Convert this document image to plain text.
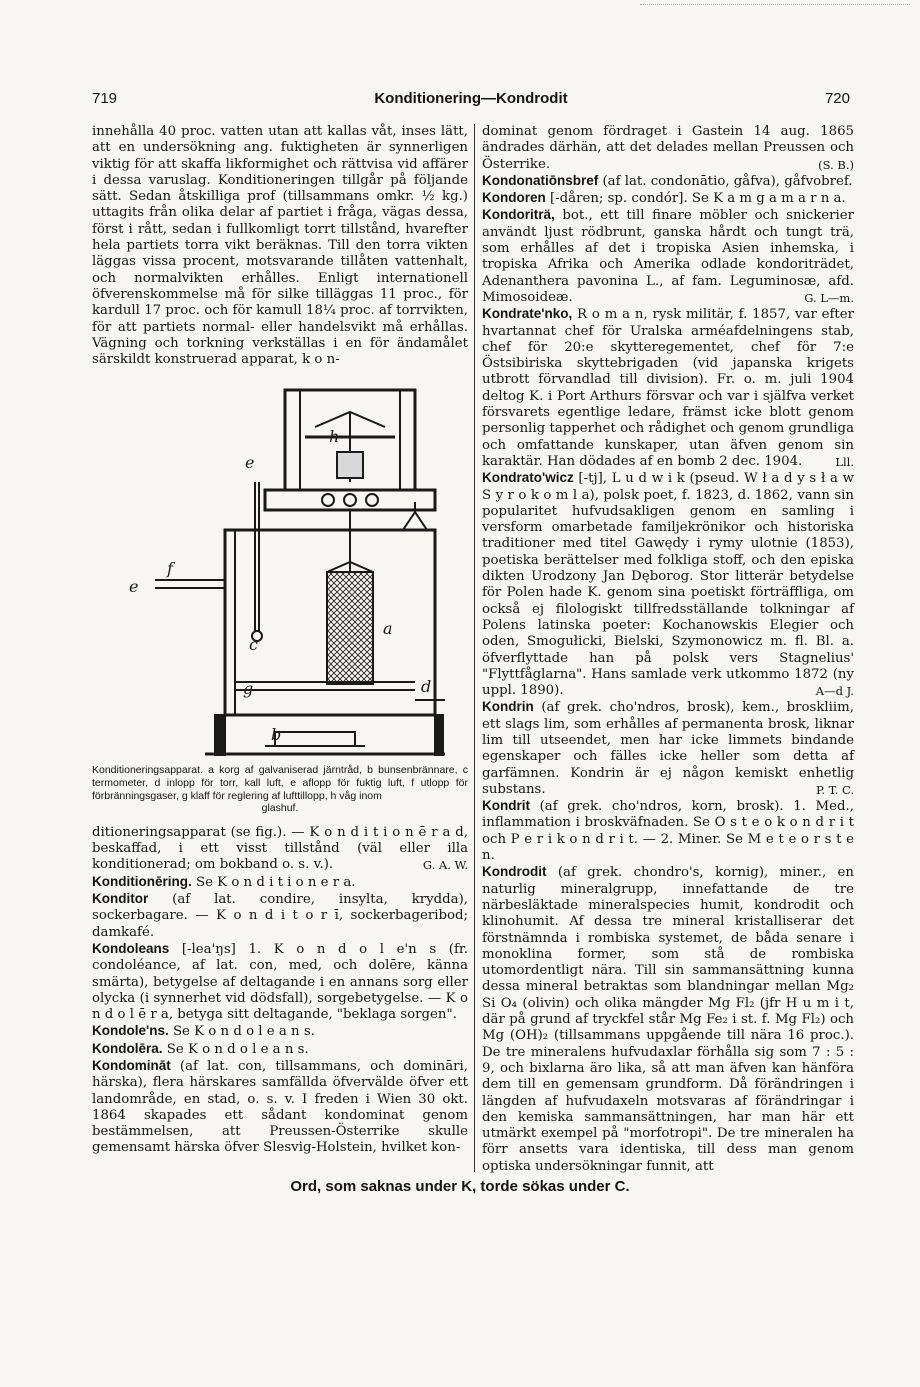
719	Konditionering—Kondrodit	720

innehålla 40 proc. vatten utan att kallas våt, inses lätt, att en undersökning ang. fuktigheten är synnerligen viktig för att skaffa likformighet och rättvisa vid affärer i dessa varuslag. Konditioneringen tillgår på följande sätt. Sedan åtskilliga prof (tillsammans omkr. ½ kg.) uttagits från olika delar af partiet i fråga, vägas dessa, först i rått, sedan i fullkomligt torrt tillstånd, hvarefter hela partiets torra vikt beräknas. Till den torra vikten läggas vissa procent, motsvarande tillåten vattenhalt, och normalvikten erhålles. Enligt internationell öfverenskommelse må för silke tilläggas 11 proc., för kardull 17 proc. och för kamull 18¼ proc. af torrvikten, för att partiets normal- eller handelsvikt må erhållas. Vägning och torkning verkställas i en för ändamålet särskildt konstruerad apparat, k o n-

h
e
f
e
a
c
g	d
b
Konditioneringsapparat. a korg af galvaniserad järntråd, b bunsenbrännare, c termometer, d inlopp för torr, kall luft, e aflopp för fuktig luft, f utlopp för förbränningsgaser, g klaff för reglering af lufttillopp, h våg inom
glashuf.

ditioneringsapparat (se fig.). — K o n d i t i o n ē r a d, beskaffad, i ett visst tillstånd (väl eller illa konditionerad; om bokband o. s. v.).	G. A. W.

Konditionēring. Se K o n d i t i o n e r a.

Konditor (af lat. condire, insylta, krydda), sockerbagare. — K o n d i t o r ī, sockerbageribod; damkafé.

Kondoleans [-lea'ŋs] 1. K o n d o l e'n s (fr. condoléance, af lat. con, med, och dolēre, känna smärta), betygelse af deltagande i en annans sorg eller olycka (i synnerhet vid dödsfall), sorgebetygelse. — K o n d o l ē r a, betyga sitt deltagande, "beklaga sorgen".

Kondole'ns. Se K o n d o l e a n s.

Kondolēra. Se K o n d o l e a n s.

Kondomināt (af lat. con, tillsammans, och domināri, härska), flera härskares samfällda öfvervälde öfver ett landområde, en stad, o. s. v. I freden i Wien 30 okt. 1864 skapades ett sådant kondominat genom bestämmelsen, att Preussen-Österrike skulle gemensamt härska öfver Slesvig-Holstein, hvilket kon-

dominat genom fördraget i Gastein 14 aug. 1865 ändrades därhän, att det delades mellan Preussen och Österrike.	(S. B.)

Kondonatiōnsbref (af lat. condonātio, gåfva), gåfvobref.

Kondoren [-dåren; sp. condór]. Se K a m g a m a r n a.

Kondoriträ, bot., ett till finare möbler och snickerier användt ljust rödbrunt, ganska hårdt och tungt trä, som erhålles af det i tropiska Asien inhemska, i tropiska Afrika och Amerika odlade kondoriträdet, Adenanthera pavonina L., af fam. Leguminosæ, afd. Mimosoideæ.	G. L—m.

Kondrate'nko, R o m a n, rysk militär, f. 1857, var efter hvartannat chef för Uralska arméafdelningens stab, chef för 20:e skytteregementet, chef för 7:e Östsibiriska skyttebrigaden (vid japanska krigets utbrott förvandlad till division). Fr. o. m. juli 1904 deltog K. i Port Arthurs försvar och var i själfva verket försvarets egentlige ledare, främst icke blott genom personlig tapperhet och rådighet och genom grundliga och omfattande kunskaper, utan äfven genom sin karaktär. Han dödades af en bomb 2 dec. 1904.	Lll.

Kondrato'wicz [-tj], L u d w i k (pseud. W ł a d y s ł a w S y r o k o m l a), polsk poet, f. 1823, d. 1862, vann sin popularitet hufvudsakligen genom en samling i versform omarbetade familjekrönikor och historiska traditioner med titel Gawędy i rymy ulotnie (1853), poetiska berättelser med folkliga stoff, och den episka dikten Urodzony Jan Dęborog. Stor litterär betydelse för Polen hade K. genom sina poetiskt förträffliga, om också ej filologiskt tillfredsställande tolkningar af Polens latinska poeter: Kochanowskis Elegier och oden, Smogułicki, Bielski, Szymonowicz m. fl. Bl. a. öfverflyttade han på polsk vers Stagnelius' "Flyttfåglarna". Hans samlade verk utkommo 1872 (ny uppl. 1890).	A—d J.

Kondrin (af grek. cho'ndros, brosk), kem., broskliim, ett slags lim, som erhålles af permanenta brosk, liknar lim till utseendet, men har icke limmets bindande egenskaper och fälles icke heller som detta af garfämnen. Kondrin är ej någon kemiskt enhetlig substans.	P. T. C.

Kondrit (af grek. cho'ndros, korn, brosk). 1. Med., inflammation i broskväfnaden. Se O s t e o k o n d r i t och P e r i k o n d r i t. — 2. Miner. Se M e t e o r s t e n.

Kondrodit (af grek. chondro's, kornig), miner., en naturlig mineralgrupp, innefattande de tre närbesläktade mineralspecies humit, kondrodit och klinohumit. Af dessa tre mineral kristalliserar det förstnämnda i rombiska systemet, de båda senare i monoklina former, som stå de rombiska utomordentligt nära. Till sin sammansättning kunna dessa mineral betraktas som blandningar mellan Mg₂ Si O₄ (olivin) och olika mängder Mg Fl₂ (jfr H u m i t, där på grund af tryckfel står Mg Fe₂ i st. f. Mg Fl₂) och Mg (OH)₂ (tillsammans uppgående till nära 16 proc.). De tre mineralens hufvudaxlar förhålla sig som 7 : 5 : 9, och bixlarna äro lika, så att man äfven kan hänföra dem till en gemensam grundform. Då förändringen i längden af hufvudaxeln motsvaras af förändringar i den kemiska sammansättningen, har man här ett utmärkt exempel på "morfotropi". De tre mineralen ha förr ansetts vara identiska, till dess man genom optiska undersökningar funnit, att

Ord, som saknas under K, torde sökas under C.
